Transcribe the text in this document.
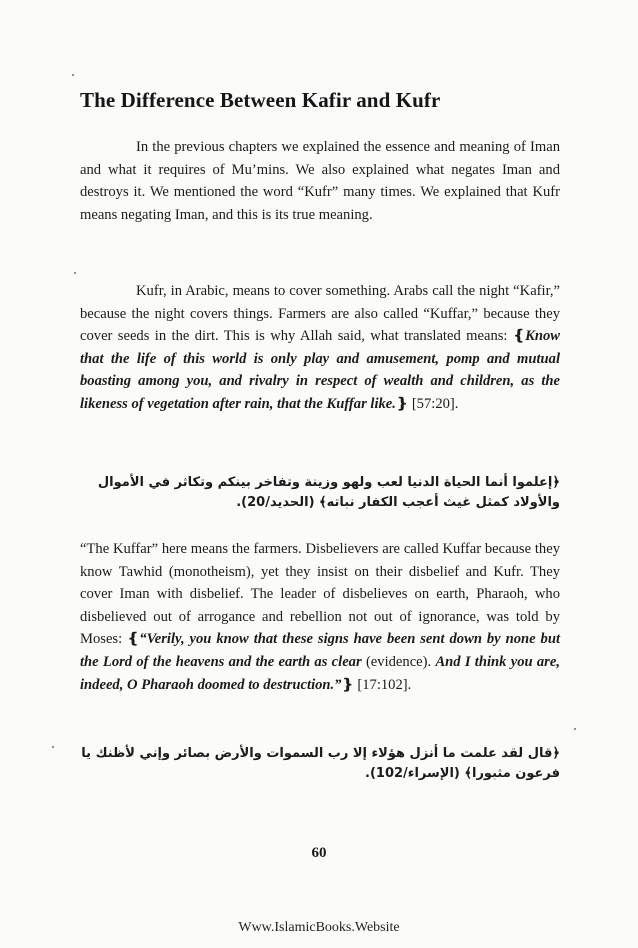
The Difference Between Kafir and Kufr
In the previous chapters we explained the essence and meaning of Iman and what it requires of Mu’mins. We also explained what negates Iman and destroys it. We mentioned the word “Kufr” many times. We explained that Kufr means negating Iman, and this is its true meaning.
Kufr, in Arabic, means to cover something. Arabs call the night “Kafir,” because the night covers things. Farmers are also called “Kuffar,” because they cover seeds in the dirt. This is why Allah said, what translated means: ❴Know that the life of this world is only play and amusement, pomp and mutual boasting among you, and rivalry in respect of wealth and children, as the likeness of vegetation after rain, that the Kuffar like.❵ [57:20].
﴿إعلموا أنما الحياة الدنيا لعب ولهو وزينة وتفاخر بينكم وتكاثر في الأموال والأولاد كمثل غيث أعجب الكفار نباته﴾ (الحديد/20).
“The Kuffar” here means the farmers. Disbelievers are called Kuffar because they know Tawhid (monotheism), yet they insist on their disbelief and Kufr. They cover Iman with disbelief. The leader of disbelieves on earth, Pharaoh, who disbelieved out of arrogance and rebellion not out of ignorance, was told by Moses: ❴“Verily, you know that these signs have been sent down by none but the Lord of the heavens and the earth as clear (evidence). And I think you are, indeed, O Pharaoh doomed to destruction.”❵ [17:102].
﴿قال لقد علمت ما أنزل هؤلاء إلا رب السموات والأرض بصائر وإني لأظنك يا فرعون مثبورا﴾ (الإسراء/102).
60
Www.IslamicBooks.Website
